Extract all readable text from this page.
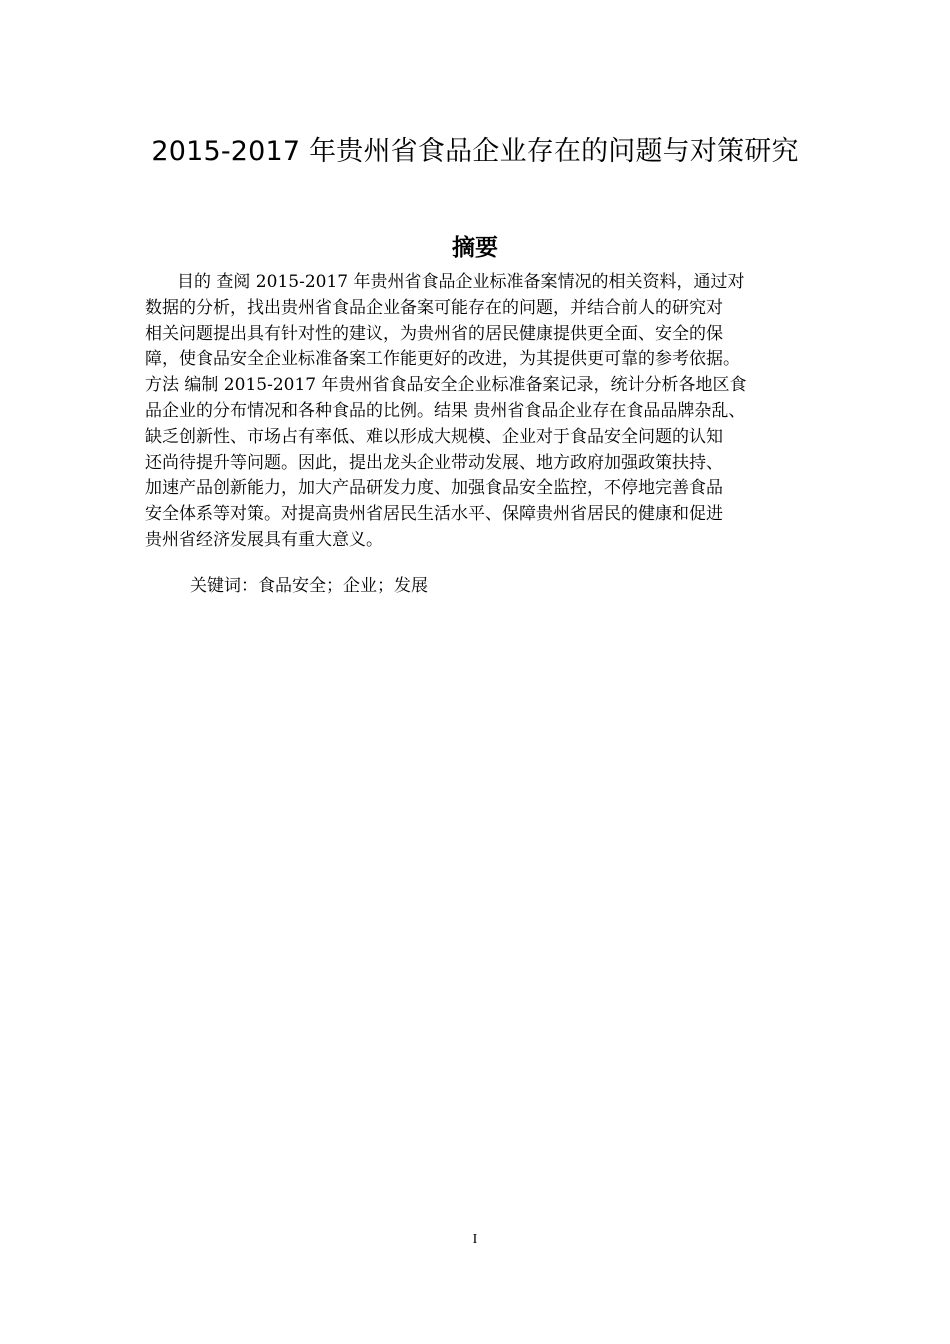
2015-2017 年贵州省食品企业存在的问题与对策研究
摘要
目的 查阅 2015-2017 年贵州省食品企业标准备案情况的相关资料，通过对
数据的分析，找出贵州省食品企业备案可能存在的问题，并结合前人的研究对
相关问题提出具有针对性的建议，为贵州省的居民健康提供更全面、安全的保
障，使食品安全企业标准备案工作能更好的改进，为其提供更可靠的参考依据。
方法 编制 2015-2017 年贵州省食品安全企业标准备案记录，统计分析各地区食
品企业的分布情况和各种食品的比例。结果 贵州省食品企业存在食品品牌杂乱、
缺乏创新性、市场占有率低、难以形成大规模、企业对于食品安全问题的认知
还尚待提升等问题。因此，提出龙头企业带动发展、地方政府加强政策扶持、
加速产品创新能力，加大产品研发力度、加强食品安全监控，不停地完善食品
安全体系等对策。对提高贵州省居民生活水平、保障贵州省居民的健康和促进
贵州省经济发展具有重大意义。

关键词：食品安全；企业；发展

I
